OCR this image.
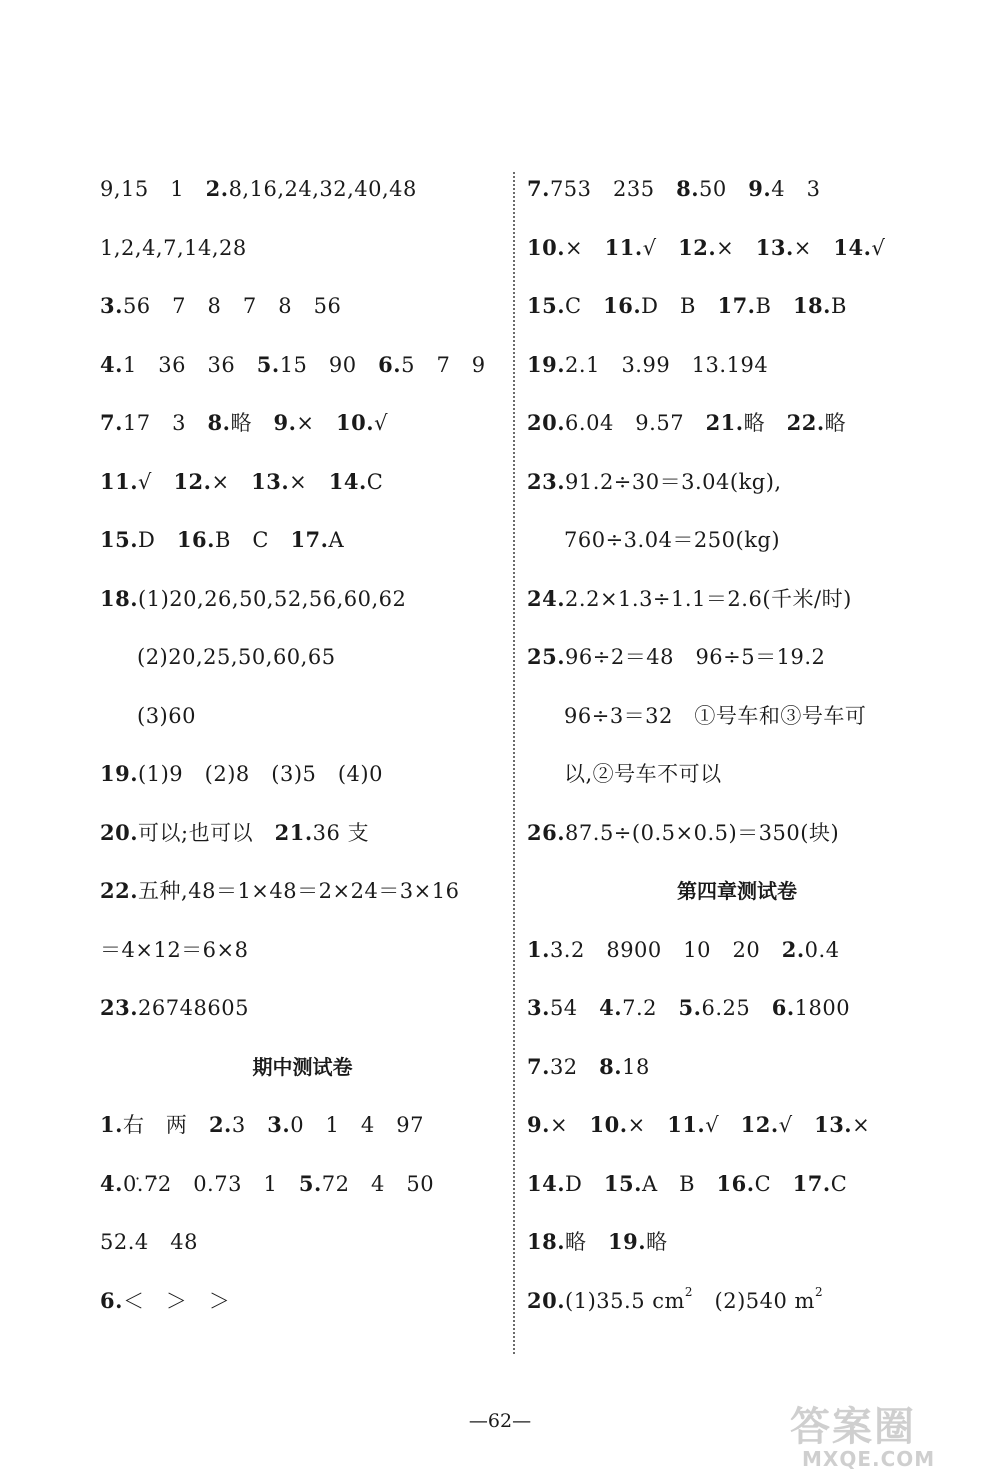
9,15　1　2.8,16,24,32,40,48
1,2,4,7,14,28
3.56　7　8　7　8　56
4.1　36　36　5.15　90　6.5　7　9
7.17　3　8.略　9.×　10.√
11.√　12.×　13.×　14.C
15.D　16.B　C　17.A
18.(1)20,26,50,52,56,60,62
(2)20,25,50,60,65
(3)60
19.(1)9　(2)8　(3)5　(4)0
20.可以;也可以　21.36 支
22.五种,48＝1×48＝2×24＝3×16
＝4×12＝6×8
23.26748605
期中测试卷
1.右　两　2.3　3.0　1　4　97
4.· · 0.72　0.73　1　5.72　4　50
52.4　48
6.＜　＞　＞
7.753　235　8.50　9.4　3
10.×　11.√　12.×　13.×　14.√
15.C　16.D　B　17.B　18.B
19.2.1　3.99　13.194
20.6.04　9.57　21.略　22.略
23.91.2÷30＝3.04(kg),
760÷3.04＝250(kg)
24.2.2×1.3÷1.1＝2.6(千米/时)
25.96÷2＝48　96÷5＝19.2
96÷3＝32　①号车和③号车可
以,②号车不可以
26.87.5÷(0.5×0.5)＝350(块)
第四章测试卷
1.3.2　8900　10　20　2.0.4
3.54　4.7.2　5.6.25　6.1800
7.32　8.18
9.×　10.×　11.√　12.√　13.×
14.D　15.A　B　16.C　17.C
18.略　19.略
20.(1)35.5 $cm^2$　(2)540 $m^2$
—62—	答案圈
MXQE.COM
